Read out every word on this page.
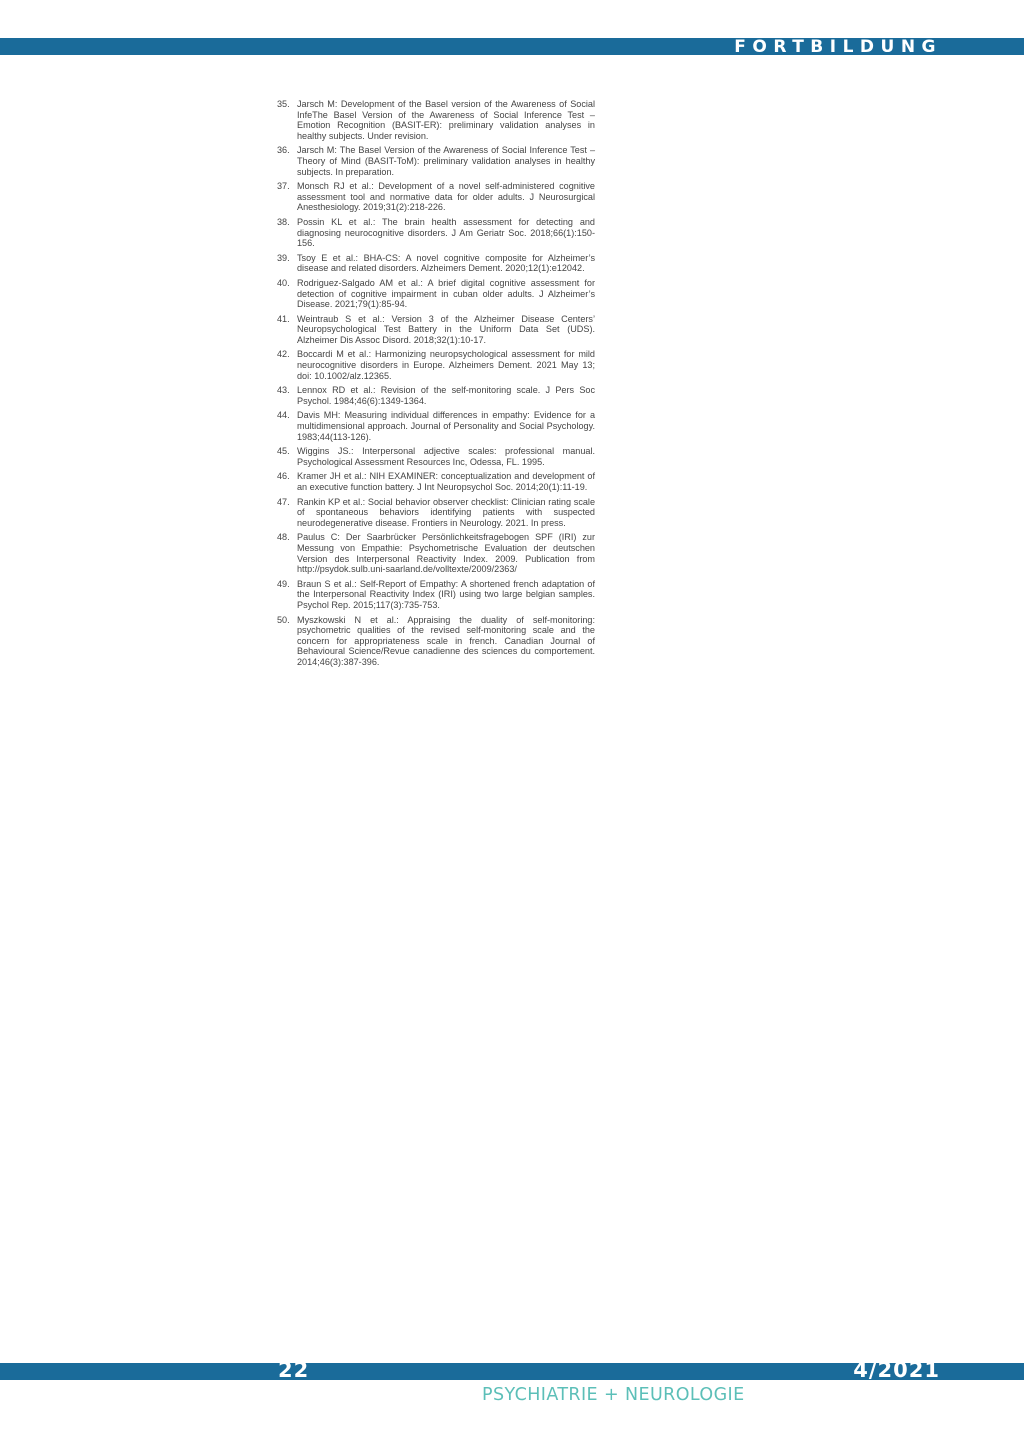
FORTBILDUNG
35. Jarsch M: Development of the Basel version of the Awareness of Social InfeThe Basel Version of the Awareness of Social Inference Test – Emotion Recognition (BASIT-ER): preliminary validation analyses in healthy subjects. Under revision.
36. Jarsch M: The Basel Version of the Awareness of Social Inference Test – Theory of Mind (BASIT-ToM): preliminary validation analyses in healthy subjects. In preparation.
37. Monsch RJ et al.: Development of a novel self-administered cognitive assessment tool and normative data for older adults. J Neurosurgical Anesthesiology. 2019;31(2):218-226.
38. Possin KL et al.: The brain health assessment for detecting and diagnosing neurocognitive disorders. J Am Geriatr Soc. 2018;66(1):150-156.
39. Tsoy E et al.: BHA-CS: A novel cognitive composite for Alzheimer’s disease and related disorders. Alzheimers Dement. 2020;12(1):e12042.
40. Rodriguez-Salgado AM et al.: A brief digital cognitive assessment for detection of cognitive impairment in cuban older adults. J Alzheimer’s Disease. 2021;79(1):85-94.
41. Weintraub S et al.: Version 3 of the Alzheimer Disease Centers’ Neuropsychological Test Battery in the Uniform Data Set (UDS). Alzheimer Dis Assoc Disord. 2018;32(1):10-17.
42. Boccardi M et al.: Harmonizing neuropsychological assessment for mild neurocognitive disorders in Europe. Alzheimers Dement. 2021 May 13; doi: 10.1002/alz.12365.
43. Lennox RD et al.: Revision of the self-monitoring scale. J Pers Soc Psychol. 1984;46(6):1349-1364.
44. Davis MH: Measuring individual differences in empathy: Evidence for a multidimensional approach. Journal of Personality and Social Psychology. 1983;44(113-126).
45. Wiggins JS.: Interpersonal adjective scales: professional manual. Psychological Assessment Resources Inc, Odessa, FL. 1995.
46. Kramer JH et al.: NIH EXAMINER: conceptualization and development of an executive function battery. J Int Neuropsychol Soc. 2014;20(1):11-19.
47. Rankin KP et al.: Social behavior observer checklist: Clinician rating scale of spontaneous behaviors identifying patients with suspected neurodegenerative disease. Frontiers in Neurology. 2021. In press.
48. Paulus C: Der Saarbrücker Persönlichkeitsfragebogen SPF (IRI) zur Messung von Empathie: Psychometrische Evaluation der deutschen Version des Interpersonal Reactivity Index. 2009. Publication from http://psydok.sulb.uni-saarland.de/volltexte/2009/2363/
49. Braun S et al.: Self-Report of Empathy: A shortened french adaptation of the Interpersonal Reactivity Index (IRI) using two large belgian samples. Psychol Rep. 2015;117(3):735-753.
50. Myszkowski N et al.: Appraising the duality of self-monitoring: psychometric qualities of the revised self-monitoring scale and the concern for appropriateness scale in french. Canadian Journal of Behavioural Science/Revue canadienne des sciences du comportement. 2014;46(3):387-396.
22	4/2021
PSYCHIATRIE + NEUROLOGIE
